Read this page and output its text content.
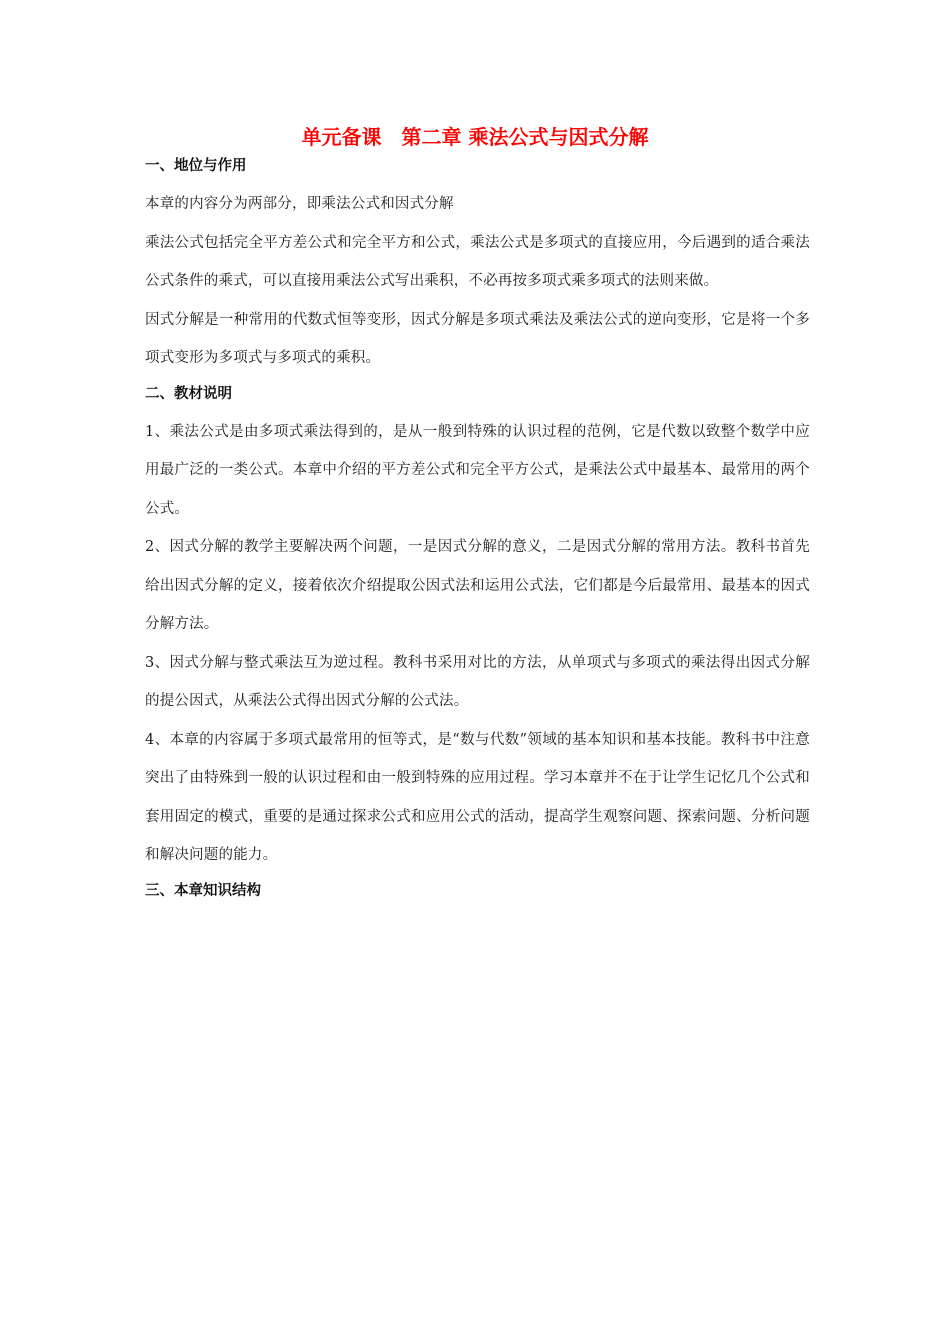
单元备课　第二章 乘法公式与因式分解
一、地位与作用
本章的内容分为两部分，即乘法公式和因式分解
乘法公式包括完全平方差公式和完全平方和公式，乘法公式是多项式的直接应用，今后遇到的适合乘法公式条件的乘式，可以直接用乘法公式写出乘积，不必再按多项式乘多项式的法则来做。
因式分解是一种常用的代数式恒等变形，因式分解是多项式乘法及乘法公式的逆向变形，它是将一个多项式变形为多项式与多项式的乘积。
二、教材说明
1、乘法公式是由多项式乘法得到的，是从一般到特殊的认识过程的范例，它是代数以致整个数学中应用最广泛的一类公式。本章中介绍的平方差公式和完全平方公式，是乘法公式中最基本、最常用的两个公式。
2、因式分解的教学主要解决两个问题，一是因式分解的意义，二是因式分解的常用方法。教科书首先给出因式分解的定义，接着依次介绍提取公因式法和运用公式法，它们都是今后最常用、最基本的因式分解方法。
3、因式分解与整式乘法互为逆过程。教科书采用对比的方法，从单项式与多项式的乘法得出因式分解的提公因式，从乘法公式得出因式分解的公式法。
4、本章的内容属于多项式最常用的恒等式，是“数与代数”领域的基本知识和基本技能。教科书中注意突出了由特殊到一般的认识过程和由一般到特殊的应用过程。学习本章并不在于让学生记忆几个公式和套用固定的模式，重要的是通过探求公式和应用公式的活动，提高学生观察问题、探索问题、分析问题和解决问题的能力。
三、本章知识结构
